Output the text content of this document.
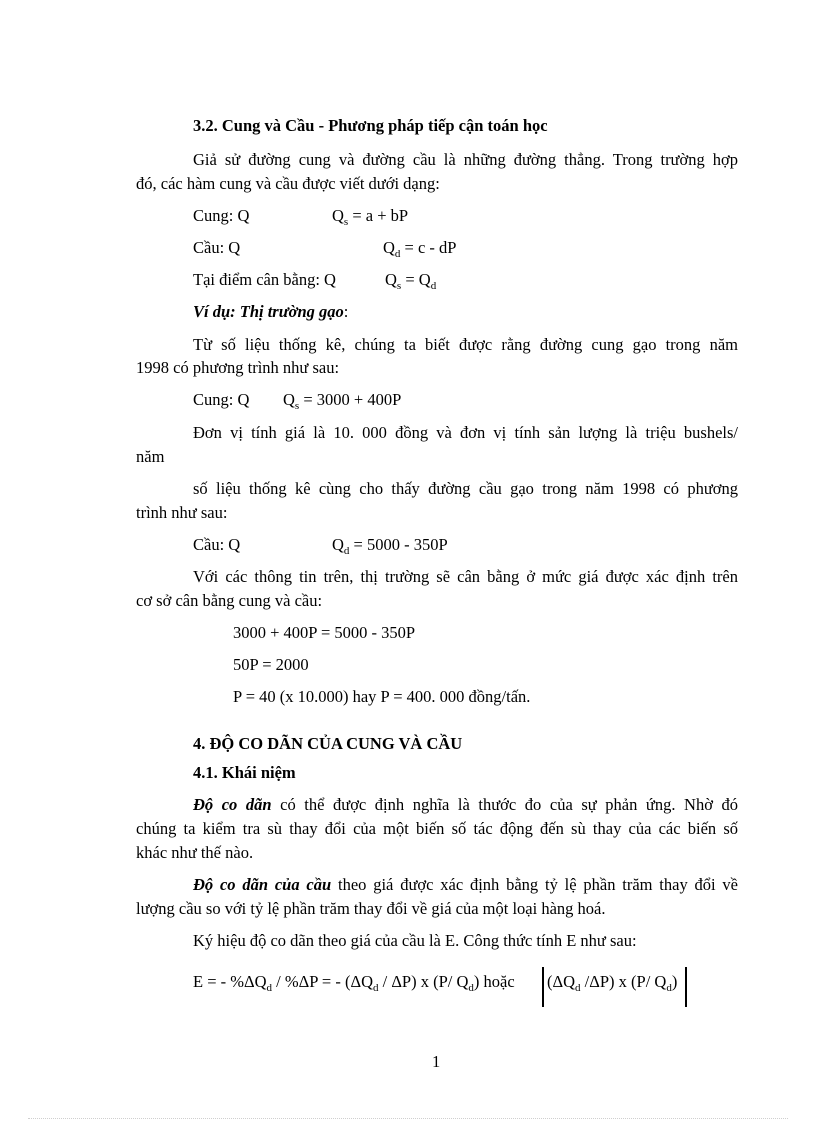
3.2. Cung và Cầu - Phương pháp tiếp cận toán học
Giả sử đường cung và đường cầu là những đường thẳng. Trong trường hợp
đó, các hàm cung và cầu được viết dưới dạng:
Cung: Q	$Q_s = a$ + bP
Cầu: Q	$Q_d = c$ - dP
Tại điểm cân bằng: Q	$Q_s = Q_d$
Ví dụ: Thị trường gạo:
Từ số liệu thống kê, chúng ta biết được rằng đường cung gạo trong năm
1998 có phương trình như sau:
Cung: Q $Q_s = 3000 + 400P$
Đơn vị tính giá là 10. 000 đồng và đơn vị tính sản lượng là triệu bushels/
năm
số liệu thống kê cùng cho thấy đường cầu gạo trong năm 1998 có phương
trình như sau:
Cầu: Q	$Q_d = 5000 - 350P$
Với các thông tin trên, thị trường sẽ cân bằng ở mức giá được xác định trên
cơ sở cân bằng cung và cầu:
3000 + 400P = 5000 - 350P
50P = 2000
P = 40 (x 10.000) hay P = 400. 000 đồng/tấn.
4. ĐỘ CO DÃN CỦA CUNG VÀ CẦU
4.1. Khái niệm
Độ co dãn có thể được định nghĩa là thước đo của sự phản ứng. Nhờ đó
chúng ta kiểm tra sù thay đổi của một biến số tác động đến sù thay của các biến số
khác như thế nào.
Độ co dãn của cầu theo giá được xác định bằng tỷ lệ phần trăm thay đổi về
lượng cầu so với tỷ lệ phần trăm thay đổi về giá của một loại hàng hoá.
Ký hiệu độ co dãn theo giá của cầu là E. Công thức tính E như sau:
E = - $\%\Delta Q_d / \%\Delta P$ = - $(\Delta Q_d / \Delta P)$ x (P/ $Q_d$) hoặc ($\Delta Q_d$ /ΔP) x (P/ $Q_d$)
1
